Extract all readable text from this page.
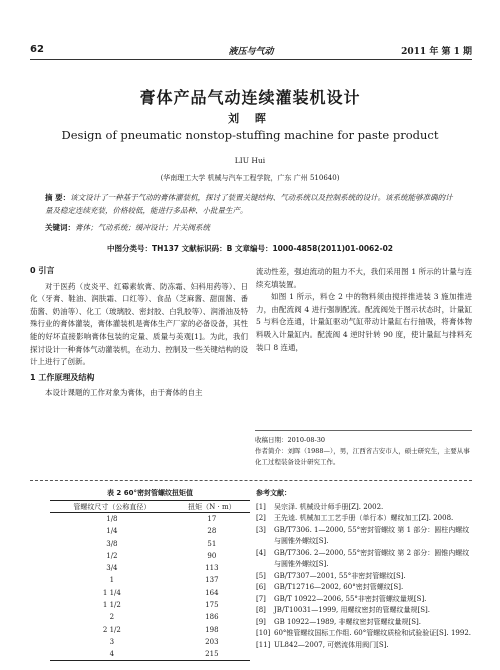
62	液压与气动	2011 年 第 1 期
膏体产品气动连续灌装机设计
刘 晖
Design of pneumatic nonstop-stuffing machine for paste product
LIU Hui
(华南理工大学 机械与汽车工程学院，广东 广州 510640)
摘 要：该文设计了一种基于气动的膏体灌装机，探讨了装置关键结构、气动系统以及控制系统的设计。该系统能够准确的计量及稳定连续充装，价格较低，能进行多品种、小批量生产。
关键词：膏体；气动系统；缓冲设计；片关阀系统
中图分类号：TH137 文献标识码：B 文章编号：1000-4858(2011)01-0062-02
0 引言

对于医药（皮炎平、红霉素软膏、防冻霜、妇科用药等）、日化（牙膏、鞋油、润肤霜、口红等）、食品（芝麻酱、甜面酱、番茄酱、奶油等）、化工（玻璃胶、密封胶、白乳胶等）、润滑油及特殊行业的膏体灌装，膏体灌装机是膏体生产厂家的必备设备，其性能的好坏直接影响膏体包装的定量、质量与美观[1]。为此，我们探讨设计一种膏体气动灌装机，在动力、控制及一些关键结构的设计上进行了创新。

1 工作原理及结构

本设计课题的工作对象为膏体，由于膏体的自主

流动性差，强迫流动的阻力不大，我们采用图 1 所示的计量与连续充填装置。

如图 1 所示，料仓 2 中的物料须由搅拌推进装 3 施加推进力，由配流阀 4 进行强制配流。配流阀处于图示状态时，计量缸 5 与料仓连通，计量缸驱动气缸带动计量缸右行抽吸，将膏体物料吸入计量缸内。配流阀 4 逆时针转 90 度，使计量缸与排料充装口 8 连通，

收稿日期：2010-08-30
作者简介：刘晖（1988—），男，江西省吉安市人，硕士研究生，主要从事化工过程装备设计研究工作。
表 2 60°密封管螺纹扭矩值
管螺纹尺寸（公称直径）	扭矩（N · m）
1/8	17
1/4	28
3/8	51
1/2	90
3/4	113
1	137
1 1/4	164
1 1/2	175
2	186
2 1/2	198
3	203
4	215
参考文献：
[1]	吴宗泽. 机械设计师手册[Z]. 2002.
[2]	王先逵. 机械加工工艺手册（单行本）螺纹加工[Z]. 2008.
[3]	GB/T7306. 1—2000, 55°密封管螺纹 第 1 部分：圆柱内螺纹与圆锥外螺纹[S].
[4]	GB/T7306. 2—2000, 55°密封管螺纹 第 2 部分：圆锥内螺纹与圆锥外螺纹[S].
[5]	GB/T7307—2001, 55°非密封管螺纹[S].
[6]	GB/T12716—2002, 60°密封管螺纹[S].
[7]	GB/T 10922—2006, 55°非密封管螺纹量规[S].
[8]	JB/T10031—1999, 用螺纹密封的管螺纹量规[S].
[9]	GB 10922—1989, 非螺纹密封管螺纹量规[S].
[10] 60°锥管螺纹国标工作组. 60°管螺纹质检和试验验证[S]. 1992.
[11] UL842—2007, 可燃流体用阀门[S].
